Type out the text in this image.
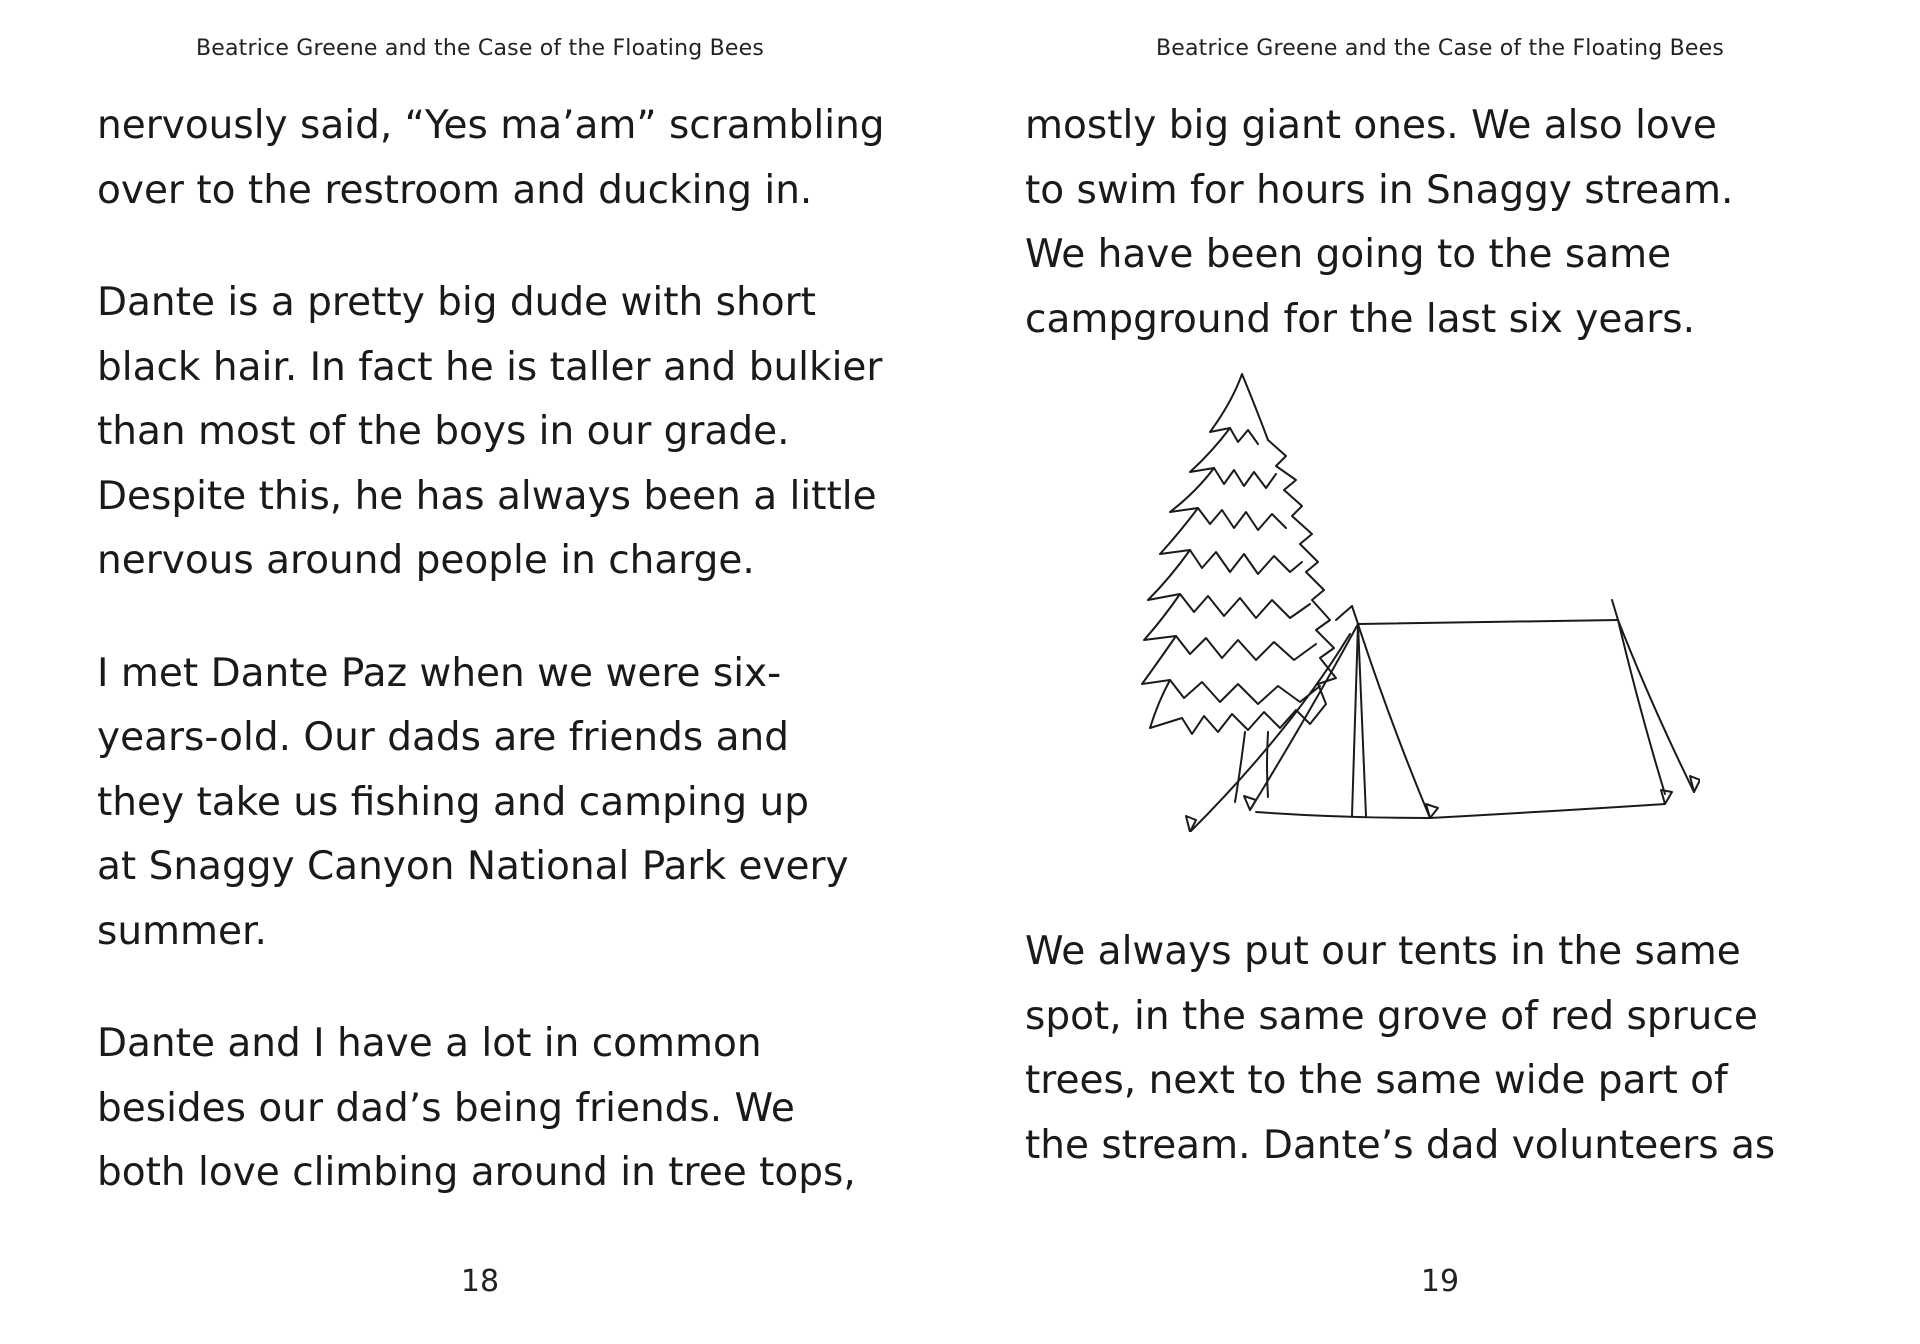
Beatrice Greene and the Case of the Floating Bees

nervously said, “Yes ma’am” scrambling
over to the restroom and ducking in.

Dante is a pretty big dude with short
black hair. In fact he is taller and bulkier
than most of the boys in our grade.
Despite this, he has always been a little
nervous around people in charge.

I met Dante Paz when we were six-
years-old. Our dads are friends and
they take us fishing and camping up
at Snaggy Canyon National Park every
summer.

Dante and I have a lot in common
besides our dad’s being friends. We
both love climbing around in tree tops,

18
Beatrice Greene and the Case of the Floating Bees

mostly big giant ones. We also love
to swim for hours in Snaggy stream.
We have been going to the same
campground for the last six years.

We always put our tents in the same
spot, in the same grove of red spruce
trees, next to the same wide part of
the stream. Dante’s dad volunteers as

19
